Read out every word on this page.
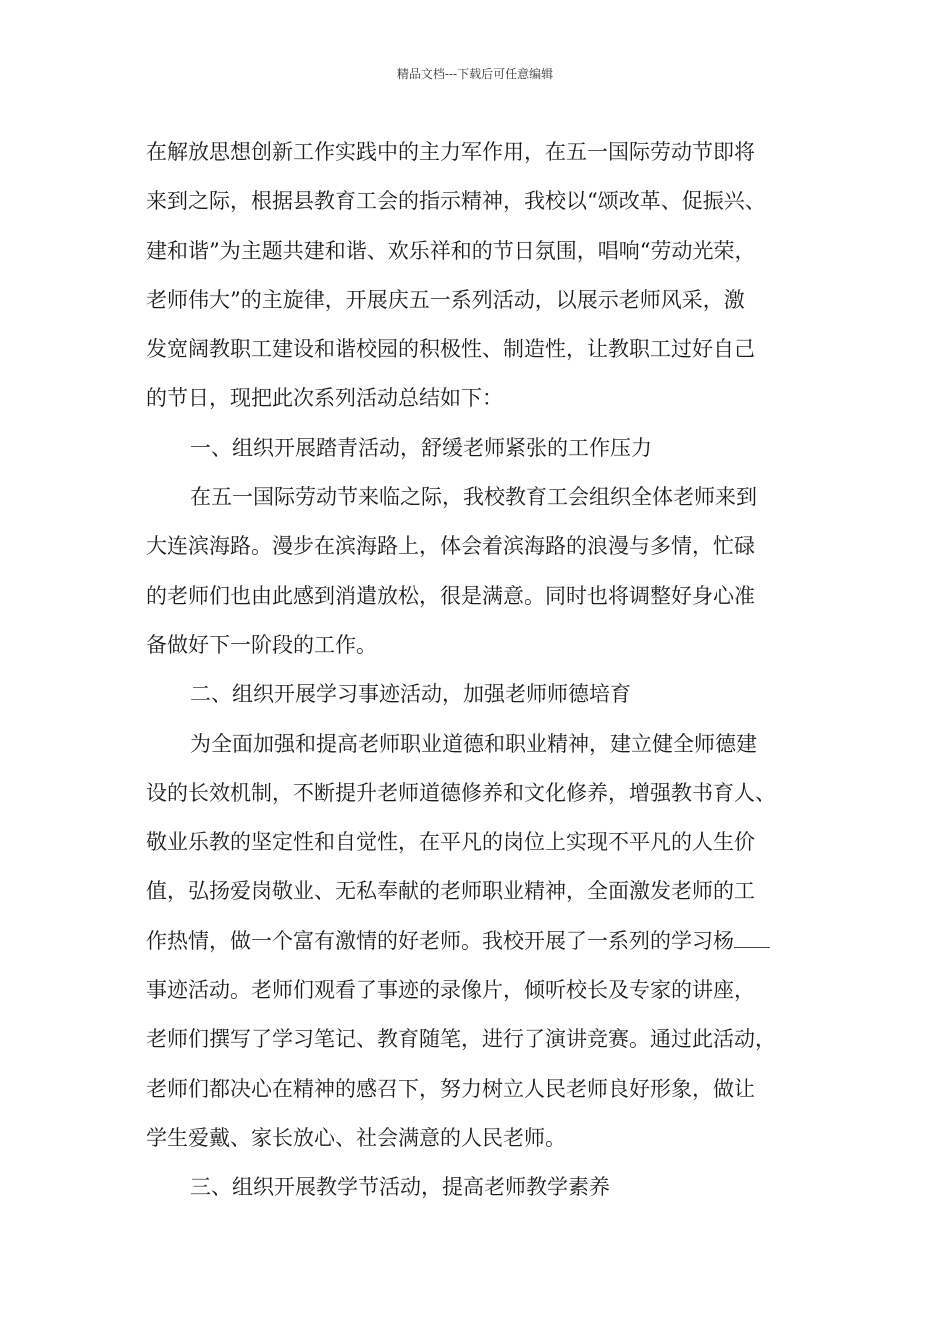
精品文档---下载后可任意编辑
在解放思想创新工作实践中的主力军作用，在五一国际劳动节即将
来到之际，根据县教育工会的指示精神，我校以“颂改革、促振兴、
建和谐”为主题共建和谐、欢乐祥和的节日氛围，唱响“劳动光荣，
老师伟大”的主旋律，开展庆五一系列活动，以展示老师风采，激
发宽阔教职工建设和谐校园的积极性、制造性，让教职工过好自己
的节日，现把此次系列活动总结如下：
一、组织开展踏青活动，舒缓老师紧张的工作压力
在五一国际劳动节来临之际，我校教育工会组织全体老师来到
大连滨海路。漫步在滨海路上，体会着滨海路的浪漫与多情，忙碌
的老师们也由此感到消遣放松，很是满意。同时也将调整好身心准
备做好下一阶段的工作。
二、组织开展学习事迹活动，加强老师师德培育
为全面加强和提高老师职业道德和职业精神，建立健全师德建
设的长效机制，不断提升老师道德修养和文化修养，增强教书育人、
敬业乐教的坚定性和自觉性，在平凡的岗位上实现不平凡的人生价
值，弘扬爱岗敬业、无私奉献的老师职业精神，全面激发老师的工
作热情，做一个富有激情的好老师。我校开展了一系列的学习杨
事迹活动。老师们观看了事迹的录像片，倾听校长及专家的讲座，
老师们撰写了学习笔记、教育随笔，进行了演讲竞赛。通过此活动，
老师们都决心在精神的感召下，努力树立人民老师良好形象，做让
学生爱戴、家长放心、社会满意的人民老师。
三、组织开展教学节活动，提高老师教学素养
